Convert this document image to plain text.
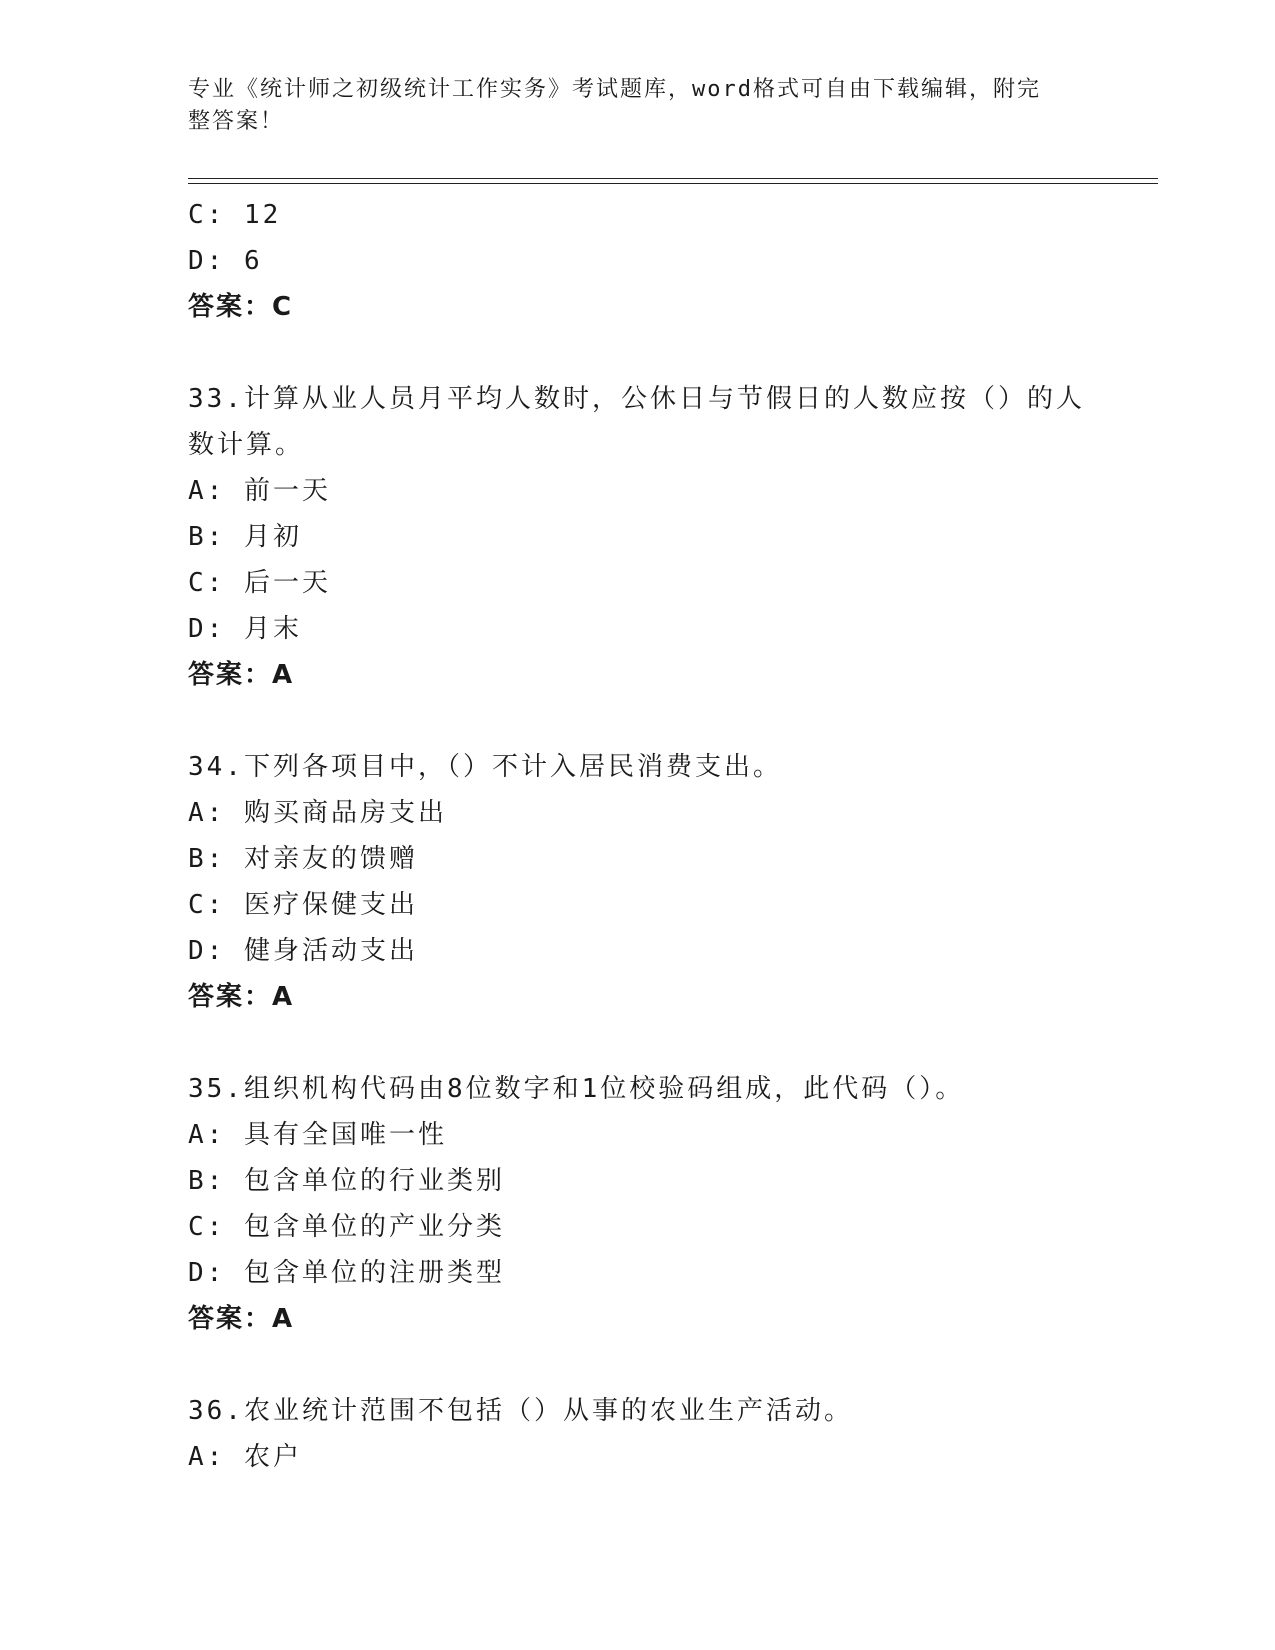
专业《统计师之初级统计工作实务》考试题库，word格式可自由下载编辑，附完
整答案！
C: 12
D: 6
答案：C
33.计算从业人员月平均人数时，公休日与节假日的人数应按（）的人
数计算。
A: 前一天
B: 月初
C: 后一天
D: 月末
答案：A
34.下列各项目中，（）不计入居民消费支出。
A: 购买商品房支出
B: 对亲友的馈赠
C: 医疗保健支出
D: 健身活动支出
答案：A
35.组织机构代码由8位数字和1位校验码组成，此代码（）。
A: 具有全国唯一性
B: 包含单位的行业类别
C: 包含单位的产业分类
D: 包含单位的注册类型
答案：A
36.农业统计范围不包括（）从事的农业生产活动。
A: 农户
